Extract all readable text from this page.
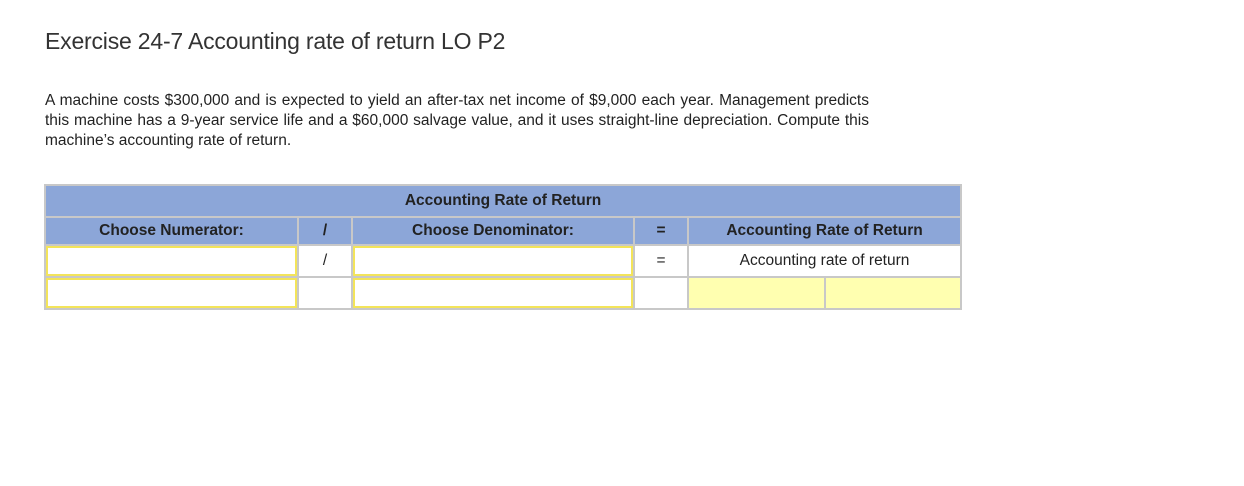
Exercise 24-7 Accounting rate of return LO P2

A machine costs $300,000 and is expected to yield an after-tax net income of $9,000 each year. Management predicts this machine has a 9-year service life and a $60,000 salvage value, and it uses straight-line depreciation. Compute this machine’s accounting rate of return.

Accounting Rate of Return					
Choose Numerator:	/	Choose Denominator:	=	Accounting Rate of Return	

	/		=	Accounting rate of return	
